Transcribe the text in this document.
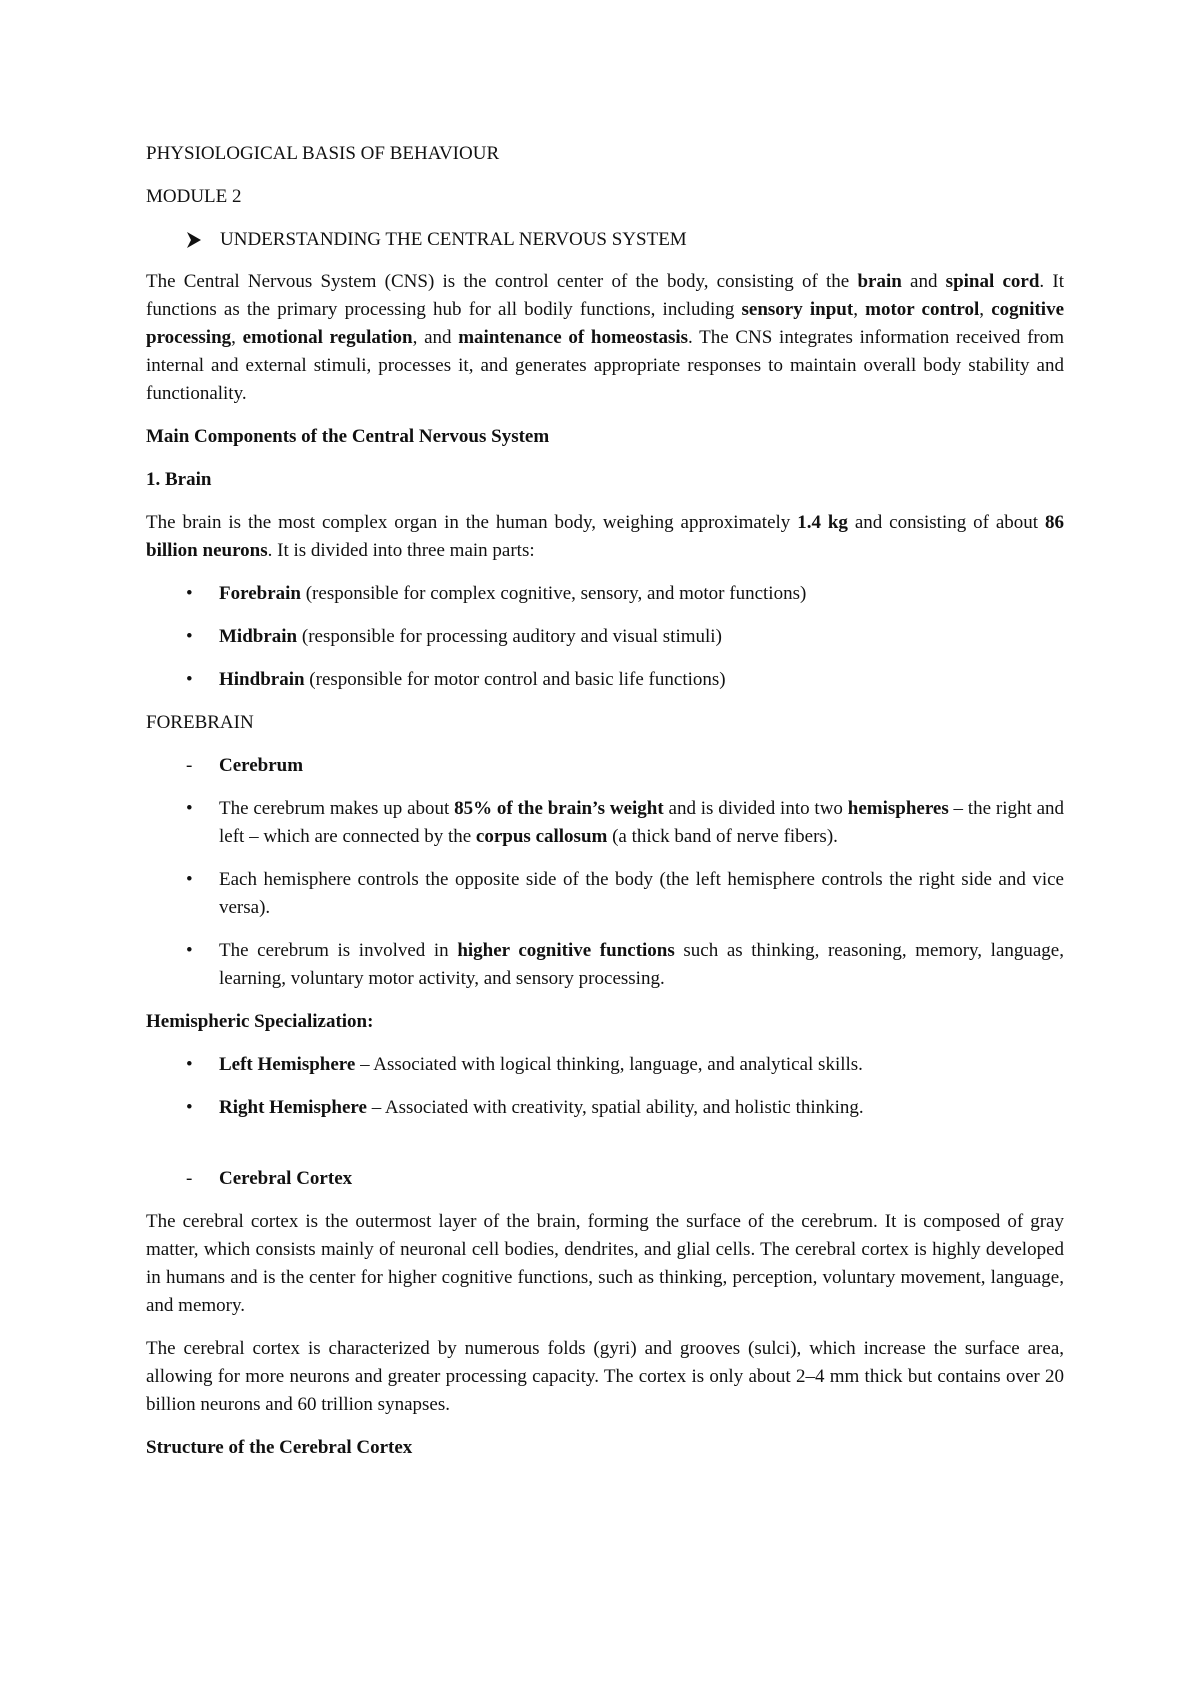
PHYSIOLOGICAL BASIS OF BEHAVIOUR

MODULE 2

UNDERSTANDING THE CENTRAL NERVOUS SYSTEM

The Central Nervous System (CNS) is the control center of the body, consisting of the brain and spinal cord. It functions as the primary processing hub for all bodily functions, including sensory input, motor control, cognitive processing, emotional regulation, and maintenance of homeostasis. The CNS integrates information received from internal and external stimuli, processes it, and generates appropriate responses to maintain overall body stability and functionality.

Main Components of the Central Nervous System

1. Brain

The brain is the most complex organ in the human body, weighing approximately 1.4 kg and consisting of about 86 billion neurons. It is divided into three main parts:

• Forebrain (responsible for complex cognitive, sensory, and motor functions)
• Midbrain (responsible for processing auditory and visual stimuli)
• Hindbrain (responsible for motor control and basic life functions)

FOREBRAIN

- Cerebrum
• The cerebrum makes up about 85% of the brain’s weight and is divided into two hemispheres – the right and left – which are connected by the corpus callosum (a thick band of nerve fibers).
• Each hemisphere controls the opposite side of the body (the left hemisphere controls the right side and vice versa).
• The cerebrum is involved in higher cognitive functions such as thinking, reasoning, memory, language, learning, voluntary motor activity, and sensory processing.

Hemispheric Specialization:

• Left Hemisphere – Associated with logical thinking, language, and analytical skills.
• Right Hemisphere – Associated with creativity, spatial ability, and holistic thinking.
- Cerebral Cortex

The cerebral cortex is the outermost layer of the brain, forming the surface of the cerebrum. It is composed of gray matter, which consists mainly of neuronal cell bodies, dendrites, and glial cells. The cerebral cortex is highly developed in humans and is the center for higher cognitive functions, such as thinking, perception, voluntary movement, language, and memory.

The cerebral cortex is characterized by numerous folds (gyri) and grooves (sulci), which increase the surface area, allowing for more neurons and greater processing capacity. The cortex is only about 2–4 mm thick but contains over 20 billion neurons and 60 trillion synapses.

Structure of the Cerebral Cortex
